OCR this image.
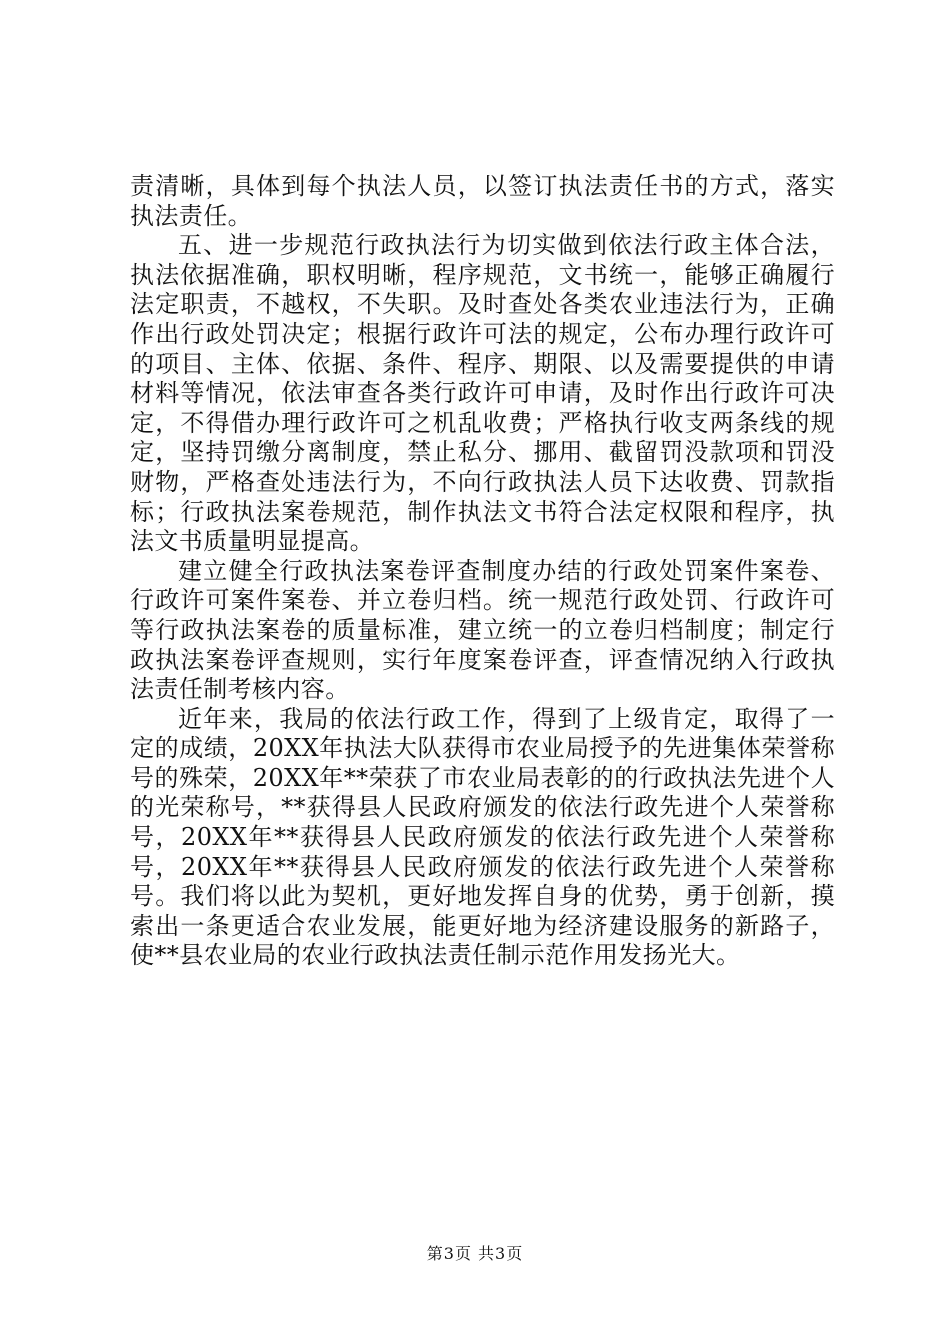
责清晰，具体到每个执法人员，以签订执法责任书的方式，落实执法责任。

五、进一步规范行政执法行为切实做到依法行政主体合法，执法依据准确，职权明晰，程序规范，文书统一，能够正确履行法定职责，不越权，不失职。及时查处各类农业违法行为，正确作出行政处罚决定；根据行政许可法的规定，公布办理行政许可的项目、主体、依据、条件、程序、期限、以及需要提供的申请材料等情况，依法审查各类行政许可申请，及时作出行政许可决定，不得借办理行政许可之机乱收费；严格执行收支两条线的规定，坚持罚缴分离制度，禁止私分、挪用、截留罚没款项和罚没财物，严格查处违法行为，不向行政执法人员下达收费、罚款指标；行政执法案卷规范，制作执法文书符合法定权限和程序，执法文书质量明显提高。

建立健全行政执法案卷评查制度办结的行政处罚案件案卷、行政许可案件案卷、并立卷归档。统一规范行政处罚、行政许可等行政执法案卷的质量标准，建立统一的立卷归档制度；制定行政执法案卷评查规则，实行年度案卷评查，评查情况纳入行政执法责任制考核内容。

近年来，我局的依法行政工作，得到了上级肯定，取得了一定的成绩，20XX年执法大队获得市农业局授予的先进集体荣誉称号的殊荣，20XX年**荣获了市农业局表彰的的行政执法先进个人的光荣称号，**获得县人民政府颁发的依法行政先进个人荣誉称号，20XX年**获得县人民政府颁发的依法行政先进个人荣誉称号，20XX年**获得县人民政府颁发的依法行政先进个人荣誉称号。我们将以此为契机，更好地发挥自身的优势，勇于创新，摸索出一条更适合农业发展，能更好地为经济建设服务的新路子，使**县农业局的农业行政执法责任制示范作用发扬光大。

第3页 共3页
